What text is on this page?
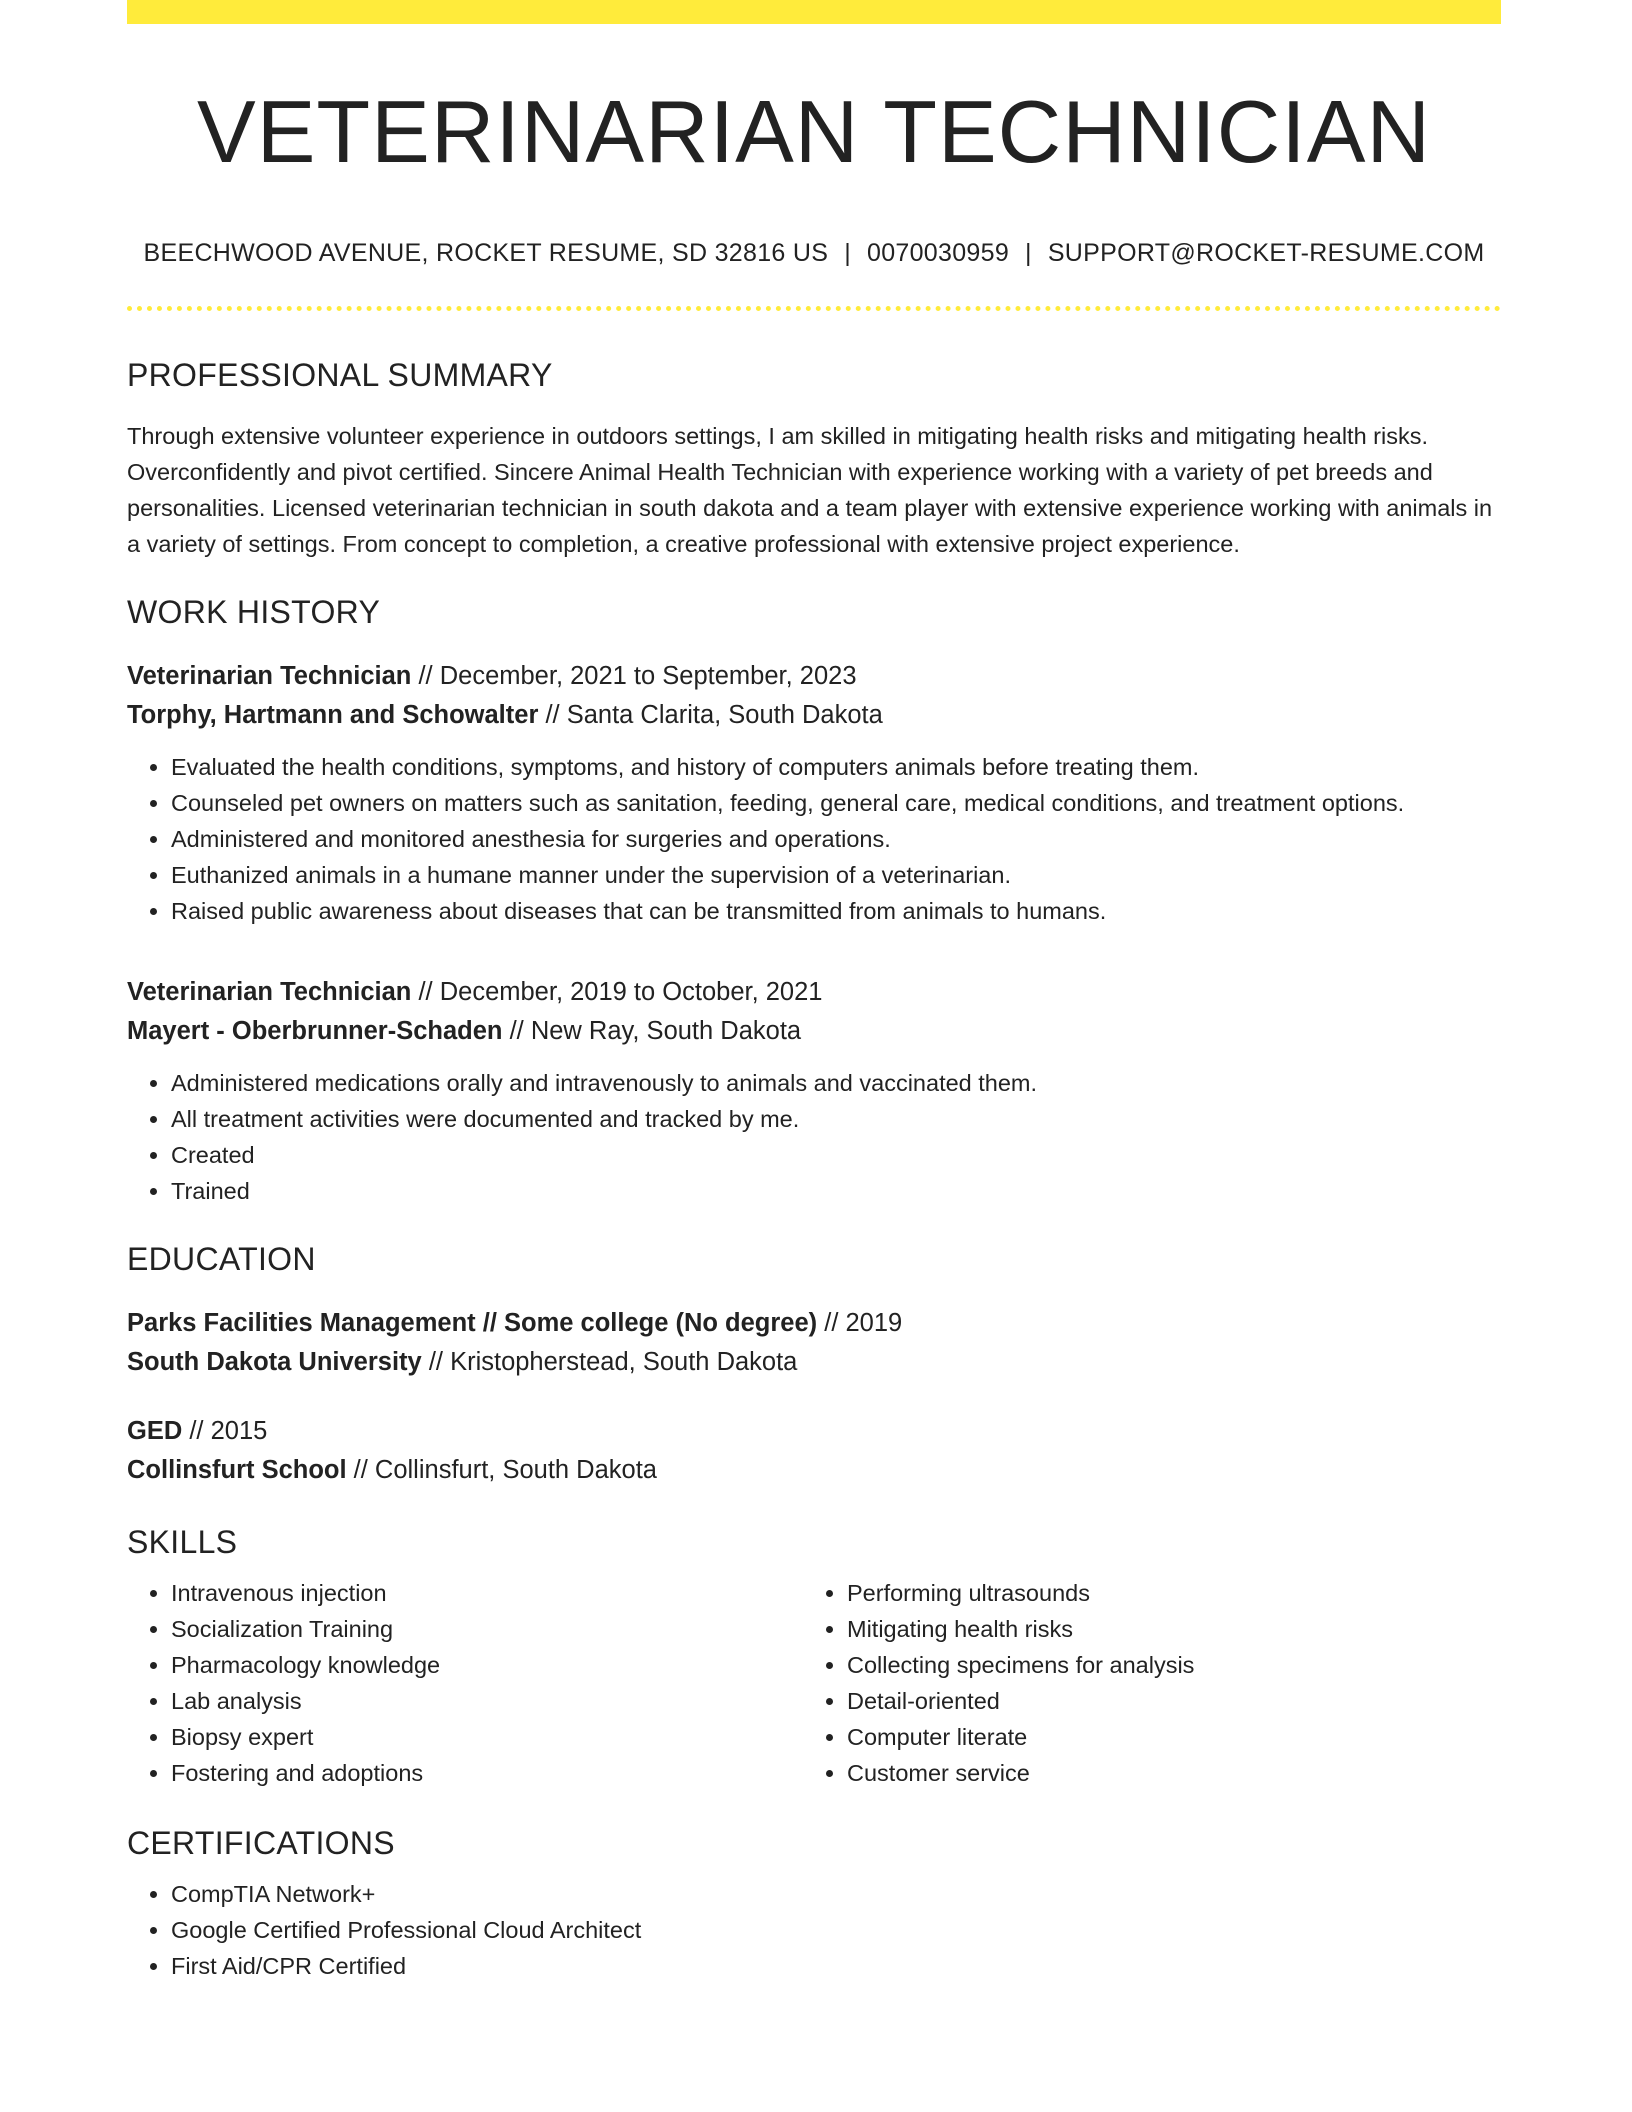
VETERINARIAN TECHNICIAN
BEECHWOOD AVENUE, ROCKET RESUME, SD 32816 US | 0070030959 | SUPPORT@ROCKET-RESUME.COM
PROFESSIONAL SUMMARY
Through extensive volunteer experience in outdoors settings, I am skilled in mitigating health risks and mitigating health risks. Overconfidently and pivot certified. Sincere Animal Health Technician with experience working with a variety of pet breeds and personalities. Licensed veterinarian technician in south dakota and a team player with extensive experience working with animals in a variety of settings. From concept to completion, a creative professional with extensive project experience.
WORK HISTORY
Veterinarian Technician // December, 2021 to September, 2023
Torphy, Hartmann and Schowalter // Santa Clarita, South Dakota
• Evaluated the health conditions, symptoms, and history of computers animals before treating them.
• Counseled pet owners on matters such as sanitation, feeding, general care, medical conditions, and treatment options.
• Administered and monitored anesthesia for surgeries and operations.
• Euthanized animals in a humane manner under the supervision of a veterinarian.
• Raised public awareness about diseases that can be transmitted from animals to humans.
Veterinarian Technician // December, 2019 to October, 2021
Mayert - Oberbrunner-Schaden // New Ray, South Dakota
• Administered medications orally and intravenously to animals and vaccinated them.
• All treatment activities were documented and tracked by me.
• Created
• Trained
EDUCATION
Parks Facilities Management // Some college (No degree) // 2019
South Dakota University // Kristopherstead, South Dakota
GED // 2015
Collinsfurt School // Collinsfurt, South Dakota
SKILLS
• Intravenous injection
• Socialization Training
• Pharmacology knowledge
• Lab analysis
• Biopsy expert
• Fostering and adoptions
• Performing ultrasounds
• Mitigating health risks
• Collecting specimens for analysis
• Detail-oriented
• Computer literate
• Customer service
CERTIFICATIONS
• CompTIA Network+
• Google Certified Professional Cloud Architect
• First Aid/CPR Certified
